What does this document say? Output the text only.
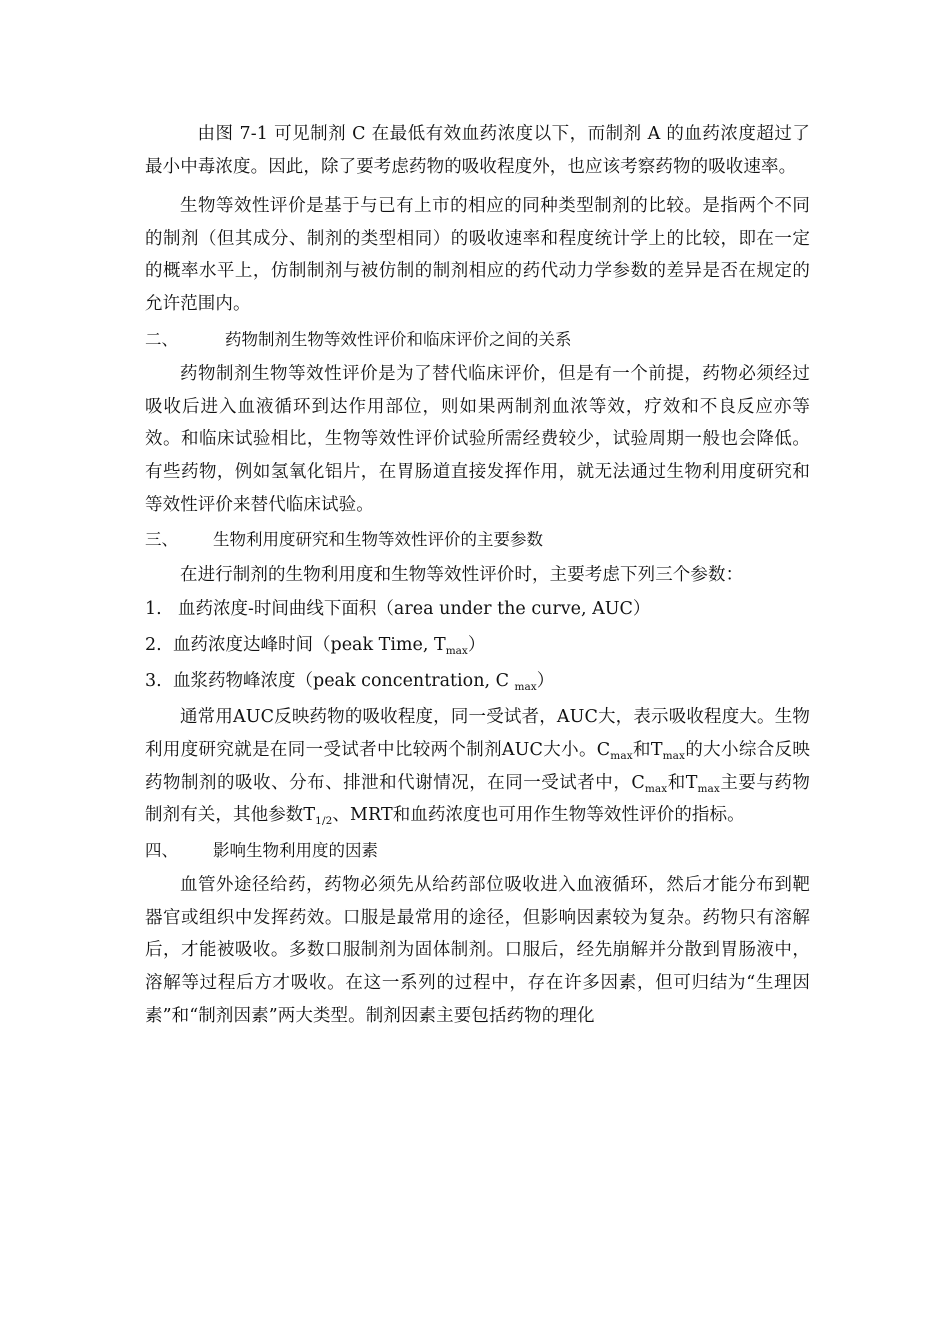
由图 7-1 可见制剂 C 在最低有效血药浓度以下，而制剂 A 的血药浓度超过了最小中毒浓度。因此，除了要考虑药物的吸收程度外，也应该考察药物的吸收速率。

生物等效性评价是基于与已有上市的相应的同种类型制剂的比较。是指两个不同的制剂（但其成分、制剂的类型相同）的吸收速率和程度统计学上的比较，即在一定的概率水平上，仿制制剂与被仿制的制剂相应的药代动力学参数的差异是否在规定的允许范围内。

二、	药物制剂生物等效性评价和临床评价之间的关系

药物制剂生物等效性评价是为了替代临床评价，但是有一个前提，药物必须经过吸收后进入血液循环到达作用部位，则如果两制剂血浓等效，疗效和不良反应亦等效。和临床试验相比，生物等效性评价试验所需经费较少，试验周期一般也会降低。有些药物，例如氢氧化铝片，在胃肠道直接发挥作用，就无法通过生物利用度研究和等效性评价来替代临床试验。

三、	生物利用度研究和生物等效性评价的主要参数

在进行制剂的生物利用度和生物等效性评价时，主要考虑下列三个参数：

1. 血药浓度-时间曲线下面积（area under the curve, AUC）
2. 血药浓度达峰时间（peak Time, $T_{max}$）
3. 血浆药物峰浓度（peak concentration, C $_{max}$）

通常用AUC反映药物的吸收程度，同一受试者，AUC大，表示吸收程度大。生物利用度研究就是在同一受试者中比较两个制剂AUC大小。$C_{max}$和$T_{max}$的大小综合反映药物制剂的吸收、分布、排泄和代谢情况，在同一受试者中，$C_{max}$和$T_{max}$主要与药物制剂有关，其他参数$T_{1/2}$、MRT和血药浓度也可用作生物等效性评价的指标。

四、	影响生物利用度的因素

血管外途径给药，药物必须先从给药部位吸收进入血液循环，然后才能分布到靶器官或组织中发挥药效。口服是最常用的途径，但影响因素较为复杂。药物只有溶解后，才能被吸收。多数口服制剂为固体制剂。口服后，经先崩解并分散到胃肠液中，溶解等过程后方才吸收。在这一系列的过程中，存在许多因素，但可归结为“生理因素”和“制剂因素”两大类型。制剂因素主要包括药物的理化
